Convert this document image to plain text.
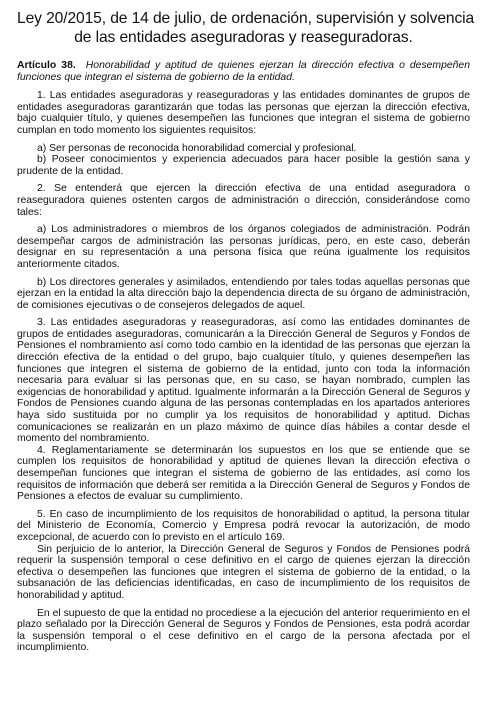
Ley 20/2015, de 14 de julio, de ordenación, supervisión y solvencia
de las entidades aseguradoras y reaseguradoras.
Artículo 38. Honorabilidad y aptitud de quienes ejerzan la dirección efectiva o desempeñen funciones que integran el sistema de gobierno de la entidad.

1. Las entidades aseguradoras y reaseguradoras y las entidades dominantes de grupos de entidades aseguradoras garantizarán que todas las personas que ejerzan la dirección efectiva, bajo cualquier título, y quienes desempeñen las funciones que integran el sistema de gobierno cumplan en todo momento los siguientes requisitos:

a) Ser personas de reconocida honorabilidad comercial y profesional.

b) Poseer conocimientos y experiencia adecuados para hacer posible la gestión sana y prudente de la entidad.

2. Se entenderá que ejercen la dirección efectiva de una entidad aseguradora o reaseguradora quienes ostenten cargos de administración o dirección, considerándose como tales:

a) Los administradores o miembros de los órganos colegiados de administración. Podrán desempeñar cargos de administración las personas jurídicas, pero, en este caso, deberán designar en su representación a una persona física que reúna igualmente los requisitos anteriormente citados.

b) Los directores generales y asimilados, entendiendo por tales todas aquellas personas que ejerzan en la entidad la alta dirección bajo la dependencia directa de su órgano de administración, de comisiones ejecutivas o de consejeros delegados de aquel.

3. Las entidades aseguradoras y reaseguradoras, así como las entidades dominantes de grupos de entidades aseguradoras, comunicarán a la Dirección General de Seguros y Fondos de Pensiones el nombramiento así como todo cambio en la identidad de las personas que ejerzan la dirección efectiva de la entidad o del grupo, bajo cualquier título, y quienes desempeñen las funciones que integren el sistema de gobierno de la entidad, junto con toda la información necesaria para evaluar si las personas que, en su caso, se hayan nombrado, cumplen las exigencias de honorabilidad y aptitud. Igualmente informarán a la Dirección General de Seguros y Fondos de Pensiones cuando alguna de las personas contempladas en los apartados anteriores haya sido sustituida por no cumplir ya los requisitos de honorabilidad y aptitud. Dichas comunicaciones se realizarán en un plazo máximo de quince días hábiles a contar desde el momento del nombramiento.

4. Reglamentariamente se determinarán los supuestos en los que se entiende que se cumplen los requisitos de honorabilidad y aptitud de quienes llevan la dirección efectiva o desempeñan funciones que integran el sistema de gobierno de las entidades, así como los requisitos de información que deberá ser remitida a la Dirección General de Seguros y Fondos de Pensiones a efectos de evaluar su cumplimiento.

5. En caso de incumplimiento de los requisitos de honorabilidad o aptitud, la persona titular del Ministerio de Economía, Comercio y Empresa podrá revocar la autorización, de modo excepcional, de acuerdo con lo previsto en el artículo 169.

Sin perjuicio de lo anterior, la Dirección General de Seguros y Fondos de Pensiones podrá requerir la suspensión temporal o cese definitivo en el cargo de quienes ejerzan la dirección efectiva o desempeñen las funciones que integren el sistema de gobierno de la entidad, o la subsanación de las deficiencias identificadas, en caso de incumplimiento de los requisitos de honorabilidad y aptitud.

En el supuesto de que la entidad no procediese a la ejecución del anterior requerimiento en el plazo señalado por la Dirección General de Seguros y Fondos de Pensiones, esta podrá acordar la suspensión temporal o el cese definitivo en el cargo de la persona afectada por el incumplimiento.
